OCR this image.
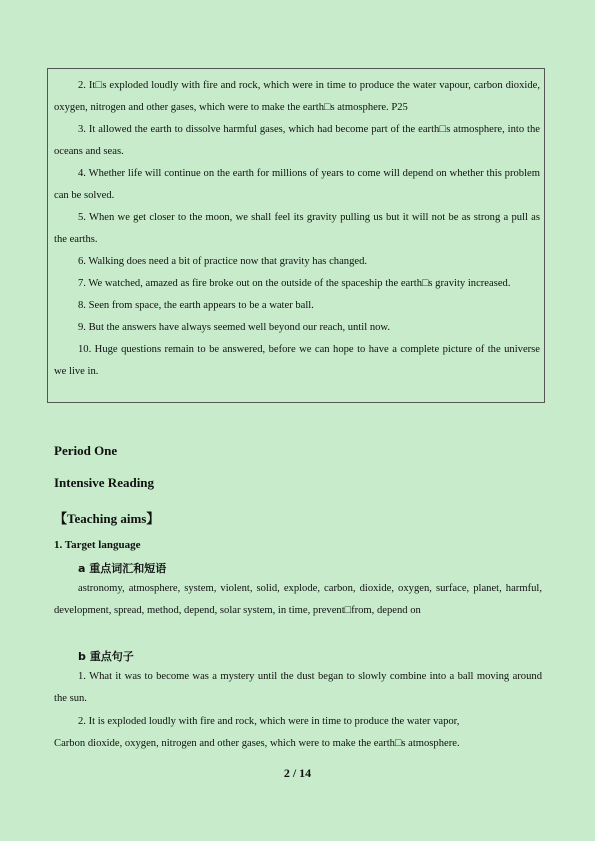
2. It□s exploded loudly with fire and rock, which were in time to produce the water vapour, carbon dioxide, oxygen, nitrogen and other gases, which were to make the earth□s atmosphere. P25

3. It allowed the earth to dissolve harmful gases, which had become part of the earth□s atmosphere, into the oceans and seas.

4. Whether life will continue on the earth for millions of years to come will depend on whether this problem can be solved.

5. When we get closer to the moon, we shall feel its gravity pulling us but it will not be as strong a pull as the earths.

6. Walking does need a bit of practice now that gravity has changed.

7. We watched, amazed as fire broke out on the outside of the spaceship the earth□s gravity increased.

8. Seen from space, the earth appears to be a water ball.

9. But the answers have always seemed well beyond our reach, until now.

10. Huge questions remain to be answered, before we can hope to have a complete picture of the universe we live in.

Period One

Intensive Reading

【Teaching aims】

1. Target language

a 重点词汇和短语

astronomy, atmosphere, system, violent, solid, explode, carbon, dioxide, oxygen, surface, planet, harmful, development, spread, method, depend, solar system, in time, prevent□from, depend on

b 重点句子

1. What it was to become was a mystery until the dust began to slowly combine into a ball moving around the sun.

2. It is exploded loudly with fire and rock, which were in time to produce the water vapor,

Carbon dioxide, oxygen, nitrogen and other gases, which were to make the earth□s atmosphere.

2 / 14
